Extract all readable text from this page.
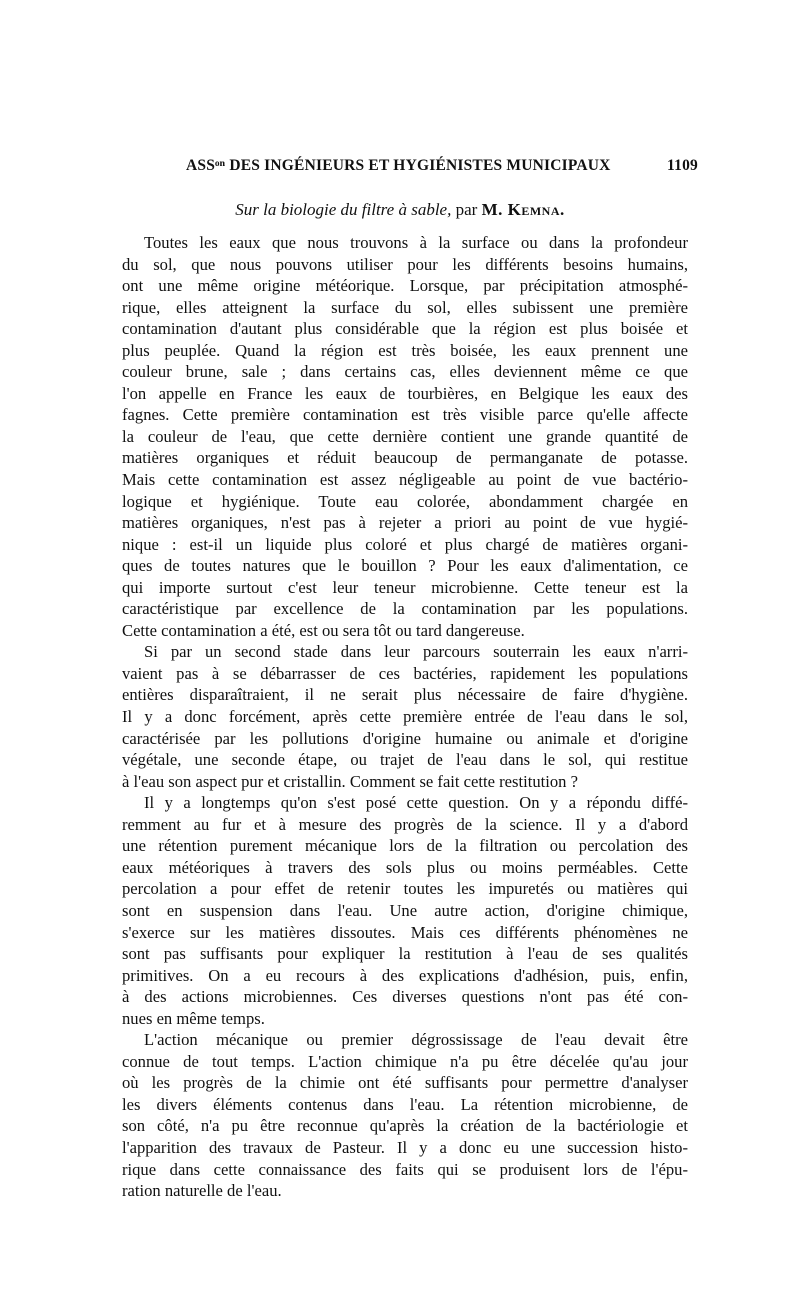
ASSᵒⁿ DES INGÉNIEURS ET HYGIÉNISTES MUNICIPAUX	1109
Sur la biologie du filtre à sable, par M. Kemna.

Toutes les eaux que nous trouvons à la surface ou dans la profondeur

du sol, que nous pouvons utiliser pour les différents besoins humains,

ont une même origine météorique. Lorsque, par précipitation atmosphé-

rique, elles atteignent la surface du sol, elles subissent une première

contamination d'autant plus considérable que la région est plus boisée et

plus peuplée. Quand la région est très boisée, les eaux prennent une

couleur brune, sale ; dans certains cas, elles deviennent même ce que

l'on appelle en France les eaux de tourbières, en Belgique les eaux des

fagnes. Cette première contamination est très visible parce qu'elle affecte

la couleur de l'eau, que cette dernière contient une grande quantité de

matières organiques et réduit beaucoup de permanganate de potasse.

Mais cette contamination est assez négligeable au point de vue bactério-

logique et hygiénique. Toute eau colorée, abondamment chargée en

matières organiques, n'est pas à rejeter a priori au point de vue hygié-

nique : est-il un liquide plus coloré et plus chargé de matières organi-

ques de toutes natures que le bouillon ? Pour les eaux d'alimentation, ce

qui importe surtout c'est leur teneur microbienne. Cette teneur est la

caractéristique par excellence de la contamination par les populations.

Cette contamination a été, est ou sera tôt ou tard dangereuse.

Si par un second stade dans leur parcours souterrain les eaux n'arri-

vaient pas à se débarrasser de ces bactéries, rapidement les populations

entières disparaîtraient, il ne serait plus nécessaire de faire d'hygiène.

Il y a donc forcément, après cette première entrée de l'eau dans le sol,

caractérisée par les pollutions d'origine humaine ou animale et d'origine

végétale, une seconde étape, ou trajet de l'eau dans le sol, qui restitue

à l'eau son aspect pur et cristallin. Comment se fait cette restitution ?

Il y a longtemps qu'on s'est posé cette question. On y a répondu diffé-

remment au fur et à mesure des progrès de la science. Il y a d'abord

une rétention purement mécanique lors de la filtration ou percolation des

eaux météoriques à travers des sols plus ou moins perméables. Cette

percolation a pour effet de retenir toutes les impuretés ou matières qui

sont en suspension dans l'eau. Une autre action, d'origine chimique,

s'exerce sur les matières dissoutes. Mais ces différents phénomènes ne

sont pas suffisants pour expliquer la restitution à l'eau de ses qualités

primitives. On a eu recours à des explications d'adhésion, puis, enfin,

à des actions microbiennes. Ces diverses questions n'ont pas été con-

nues en même temps.

L'action mécanique ou premier dégrossissage de l'eau devait être

connue de tout temps. L'action chimique n'a pu être décelée qu'au jour

où les progrès de la chimie ont été suffisants pour permettre d'analyser

les divers éléments contenus dans l'eau. La rétention microbienne, de

son côté, n'a pu être reconnue qu'après la création de la bactériologie et

l'apparition des travaux de Pasteur. Il y a donc eu une succession histo-

rique dans cette connaissance des faits qui se produisent lors de l'épu-

ration naturelle de l'eau.
